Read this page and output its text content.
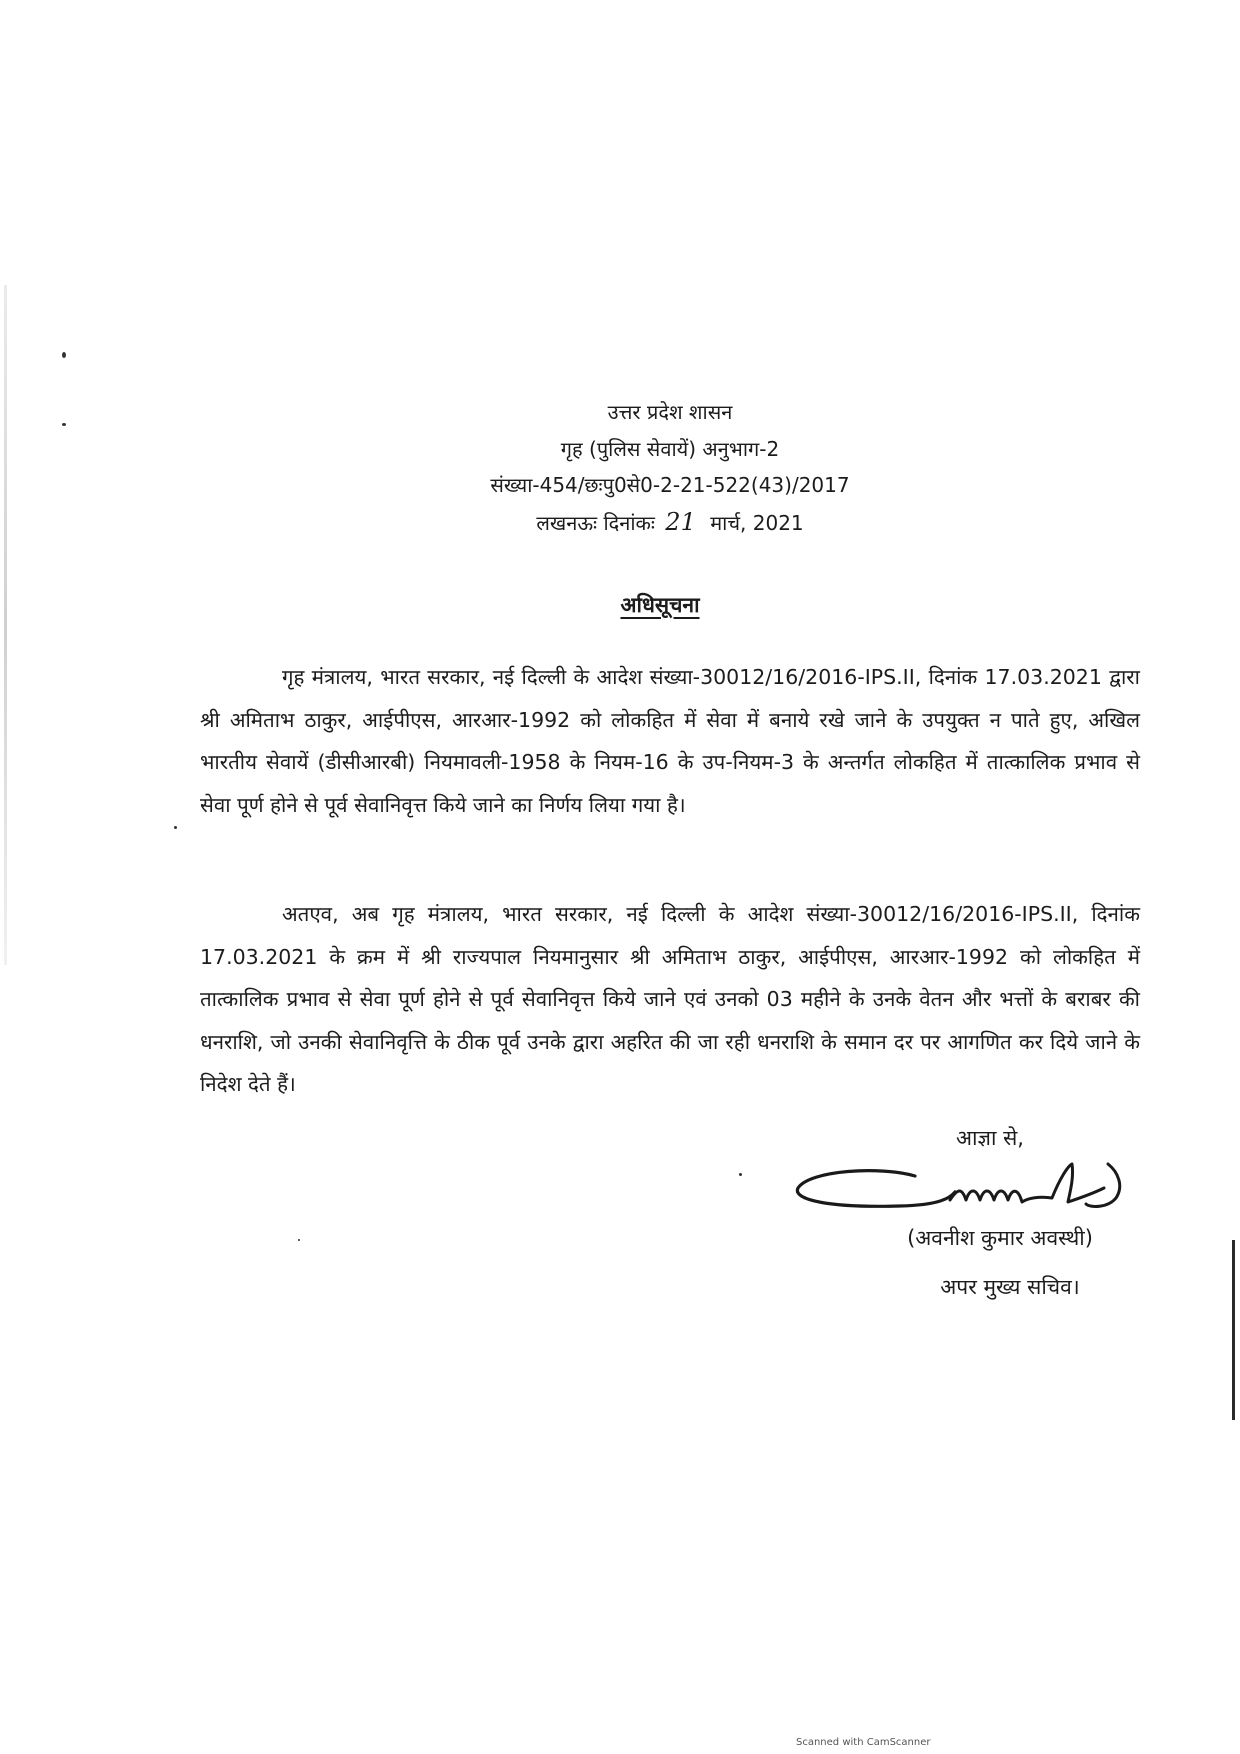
उत्तर प्रदेश शासन
गृह (पुलिस सेवायें) अनुभाग-2
संख्या-454/छःपु0से0-2-21-522(43)/2017
लखनऊः दिनांकः 21 मार्च, 2021
अधिसूचना

गृह मंत्रालय, भारत सरकार, नई दिल्ली के आदेश संख्या-30012/16/2016-IPS.II, दिनांक 17.03.2021 द्वारा श्री अमिताभ ठाकुर, आईपीएस, आरआर-1992 को लोकहित में सेवा में बनाये रखे जाने के उपयुक्त न पाते हुए, अखिल भारतीय सेवायें (डीसीआरबी) नियमावली-1958 के नियम-16 के उप-नियम-3 के अन्तर्गत लोकहित में तात्कालिक प्रभाव से सेवा पूर्ण होने से पूर्व सेवानिवृत्त किये जाने का निर्णय लिया गया है।

अतएव, अब गृह मंत्रालय, भारत सरकार, नई दिल्ली के आदेश संख्या-30012/16/2016-IPS.II, दिनांक 17.03.2021 के क्रम में श्री राज्यपाल नियमानुसार श्री अमिताभ ठाकुर, आईपीएस, आरआर-1992 को लोकहित में तात्कालिक प्रभाव से सेवा पूर्ण होने से पूर्व सेवानिवृत्त किये जाने एवं उनको 03 महीने के उनके वेतन और भत्तों के बराबर की धनराशि, जो उनकी सेवानिवृत्ति के ठीक पूर्व उनके द्वारा अहरित की जा रही धनराशि के समान दर पर आगणित कर दिये जाने के निदेश देते हैं।

आज्ञा से,
(अवनीश कुमार अवस्थी)
अपर मुख्य सचिव।
Scanned with CamScanner
